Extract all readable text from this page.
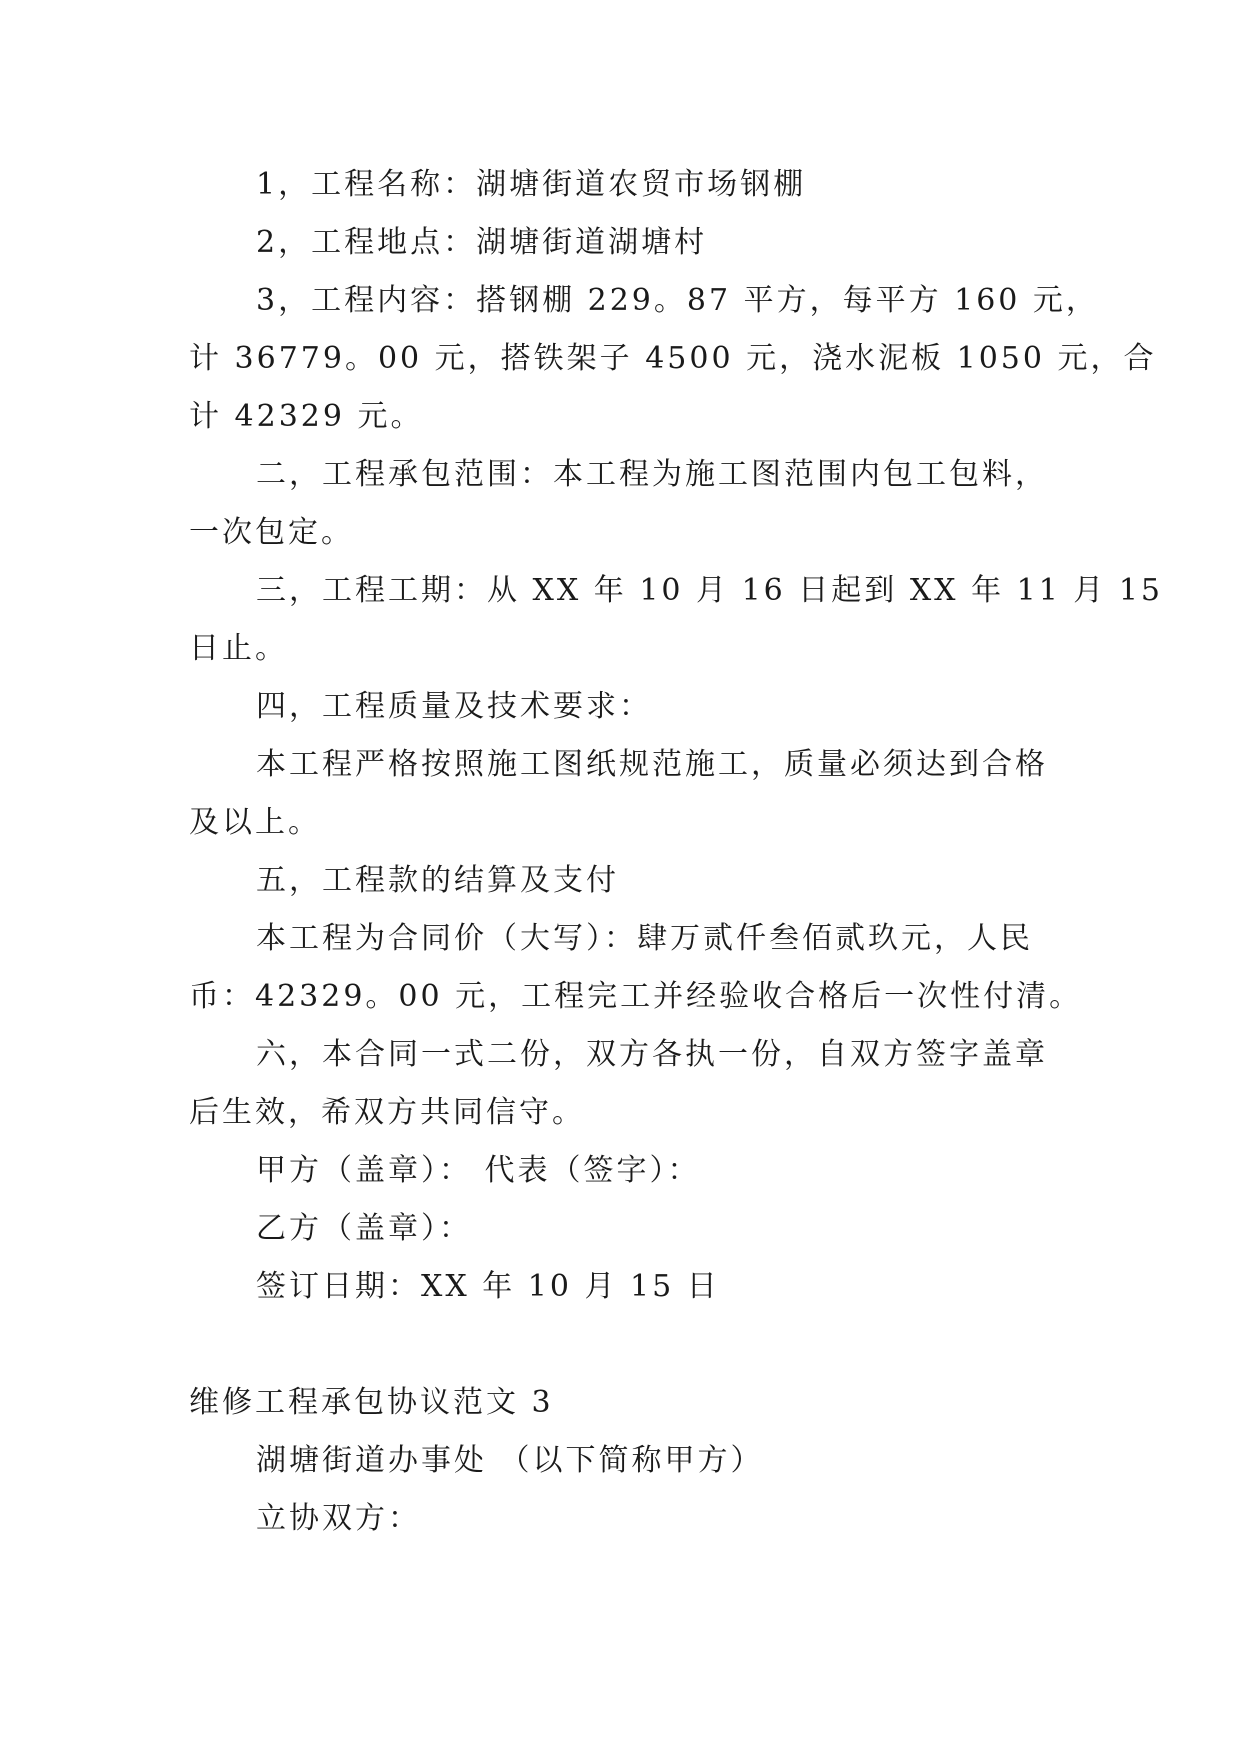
1，工程名称：湖塘街道农贸市场钢棚
2，工程地点：湖塘街道湖塘村
3，工程内容：搭钢棚 229。87 平方，每平方 160 元，
计 36779。00 元，搭铁架子 4500 元，浇水泥板 1050 元，合
计 42329 元。
二，工程承包范围：本工程为施工图范围内包工包料，
一次包定。
三，工程工期：从 XX 年 10 月 16 日起到 XX 年 11 月 15
日止。
四，工程质量及技术要求：
本工程严格按照施工图纸规范施工，质量必须达到合格
及以上。
五，工程款的结算及支付
本工程为合同价（大写）：肆万贰仟叁佰贰玖元，人民
币：42329。00 元，工程完工并经验收合格后一次性付清。
六，本合同一式二份，双方各执一份，自双方签字盖章
后生效，希双方共同信守。
甲方（盖章）： 代表（签字）：
乙方（盖章）：
签订日期：XX 年 10 月 15 日
维修工程承包协议范文 3
湖塘街道办事处 （以下简称甲方）
立协双方：
